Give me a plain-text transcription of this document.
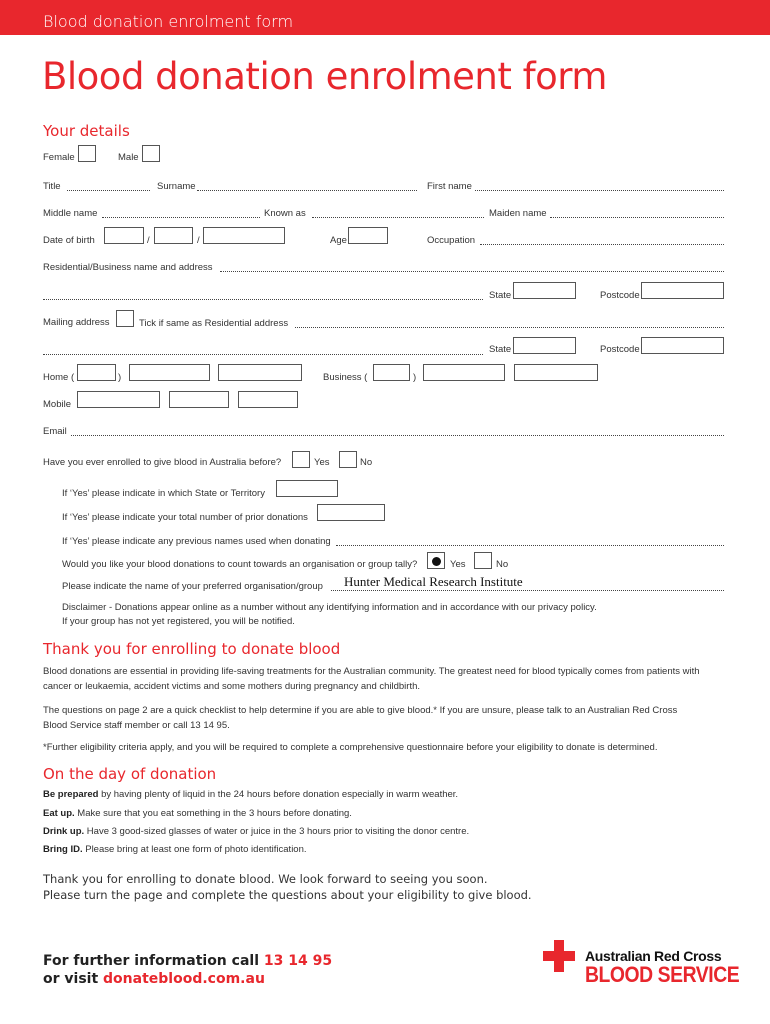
Blood donation enrolment form
Blood donation enrolment form
Your details
Female	Male
Title	Surname	First name
Middle name	Known as	Maiden name
Date of birth	/	/	Age	Occupation
Residential/Business name and address
State	Postcode
Mailing address	Tick if same as Residential address
State	Postcode
Home (	)	Business (	)
Mobile
Email
Have you ever enrolled to give blood in Australia before?	Yes	No
If ‘Yes’ please indicate in which State or Territory
If ‘Yes’ please indicate your total number of prior donations
If ‘Yes’ please indicate any previous names used when donating
Would you like your blood donations to count towards an organisation or group tally?	Yes	No
Please indicate the name of your preferred organisation/group Hunter Medical Research Institute
Disclaimer - Donations appear online as a number without any identifying information and in accordance with our privacy policy.
If your group has not yet registered, you will be notified.
Thank you for enrolling to donate blood
Blood donations are essential in providing life-saving treatments for the Australian community. The greatest need for blood typically comes from patients with cancer or leukaemia, accident victims and some mothers during pregnancy and childbirth.
The questions on page 2 are a quick checklist to help determine if you are able to give blood.* If you are unsure, please talk to an Australian Red Cross Blood Service staff member or call 13 14 95.
*Further eligibility criteria apply, and you will be required to complete a comprehensive questionnaire before your eligibility to donate is determined.
On the day of donation
Be prepared by having plenty of liquid in the 24 hours before donation especially in warm weather.
Eat up. Make sure that you eat something in the 3 hours before donating.
Drink up. Have 3 good-sized glasses of water or juice in the 3 hours prior to visiting the donor centre.
Bring ID. Please bring at least one form of photo identification.
Thank you for enrolling to donate blood. We look forward to seeing you soon.
Please turn the page and complete the questions about your eligibility to give blood.
For further information call 13 14 95
or visit donateblood.com.au
Australian Red Cross
BLOOD SERVICE
